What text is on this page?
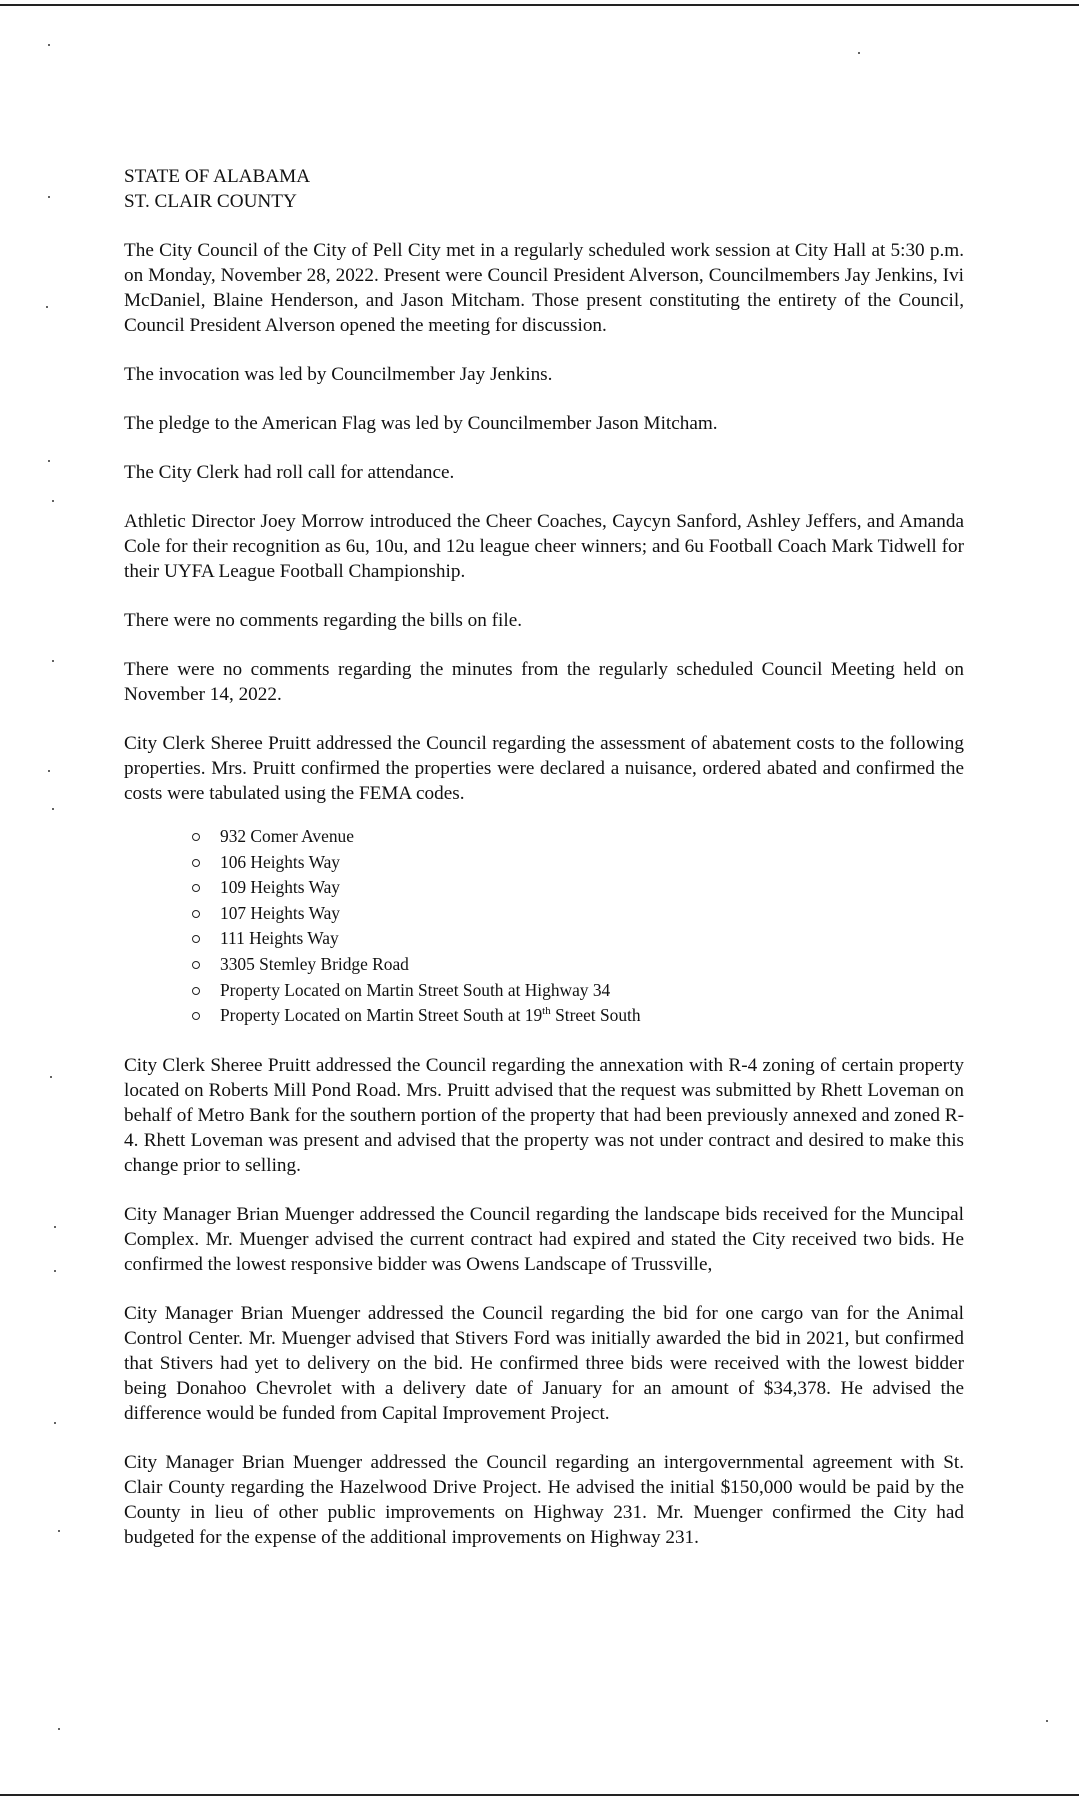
STATE OF ALABAMA
ST. CLAIR COUNTY

The City Council of the City of Pell City met in a regularly scheduled work session at City Hall at 5:30 p.m. on Monday, November 28, 2022. Present were Council President Alverson, Councilmembers Jay Jenkins, Ivi McDaniel, Blaine Henderson, and Jason Mitcham. Those present constituting the entirety of the Council, Council President Alverson opened the meeting for discussion.

The invocation was led by Councilmember Jay Jenkins.

The pledge to the American Flag was led by Councilmember Jason Mitcham.

The City Clerk had roll call for attendance.

Athletic Director Joey Morrow introduced the Cheer Coaches, Caycyn Sanford, Ashley Jeffers, and Amanda Cole for their recognition as 6u, 10u, and 12u league cheer winners; and 6u Football Coach Mark Tidwell for their UYFA League Football Championship.

There were no comments regarding the bills on file.

There were no comments regarding the minutes from the regularly scheduled Council Meeting held on November 14, 2022.

City Clerk Sheree Pruitt addressed the Council regarding the assessment of abatement costs to the following properties. Mrs. Pruitt confirmed the properties were declared a nuisance, ordered abated and confirmed the costs were tabulated using the FEMA codes.

932 Comer Avenue
106 Heights Way
109 Heights Way
107 Heights Way
111 Heights Way
3305 Stemley Bridge Road
Property Located on Martin Street South at Highway 34
Property Located on Martin Street South at 19th Street South

City Clerk Sheree Pruitt addressed the Council regarding the annexation with R-4 zoning of certain property located on Roberts Mill Pond Road. Mrs. Pruitt advised that the request was submitted by Rhett Loveman on behalf of Metro Bank for the southern portion of the property that had been previously annexed and zoned R-4. Rhett Loveman was present and advised that the property was not under contract and desired to make this change prior to selling.

City Manager Brian Muenger addressed the Council regarding the landscape bids received for the Muncipal Complex. Mr. Muenger advised the current contract had expired and stated the City received two bids. He confirmed the lowest responsive bidder was Owens Landscape of Trussville,

City Manager Brian Muenger addressed the Council regarding the bid for one cargo van for the Animal Control Center. Mr. Muenger advised that Stivers Ford was initially awarded the bid in 2021, but confirmed that Stivers had yet to delivery on the bid. He confirmed three bids were received with the lowest bidder being Donahoo Chevrolet with a delivery date of January for an amount of $34,378. He advised the difference would be funded from Capital Improvement Project.

City Manager Brian Muenger addressed the Council regarding an intergovernmental agreement with St. Clair County regarding the Hazelwood Drive Project. He advised the initial $150,000 would be paid by the County in lieu of other public improvements on Highway 231. Mr. Muenger confirmed the City had budgeted for the expense of the additional improvements on Highway 231.
